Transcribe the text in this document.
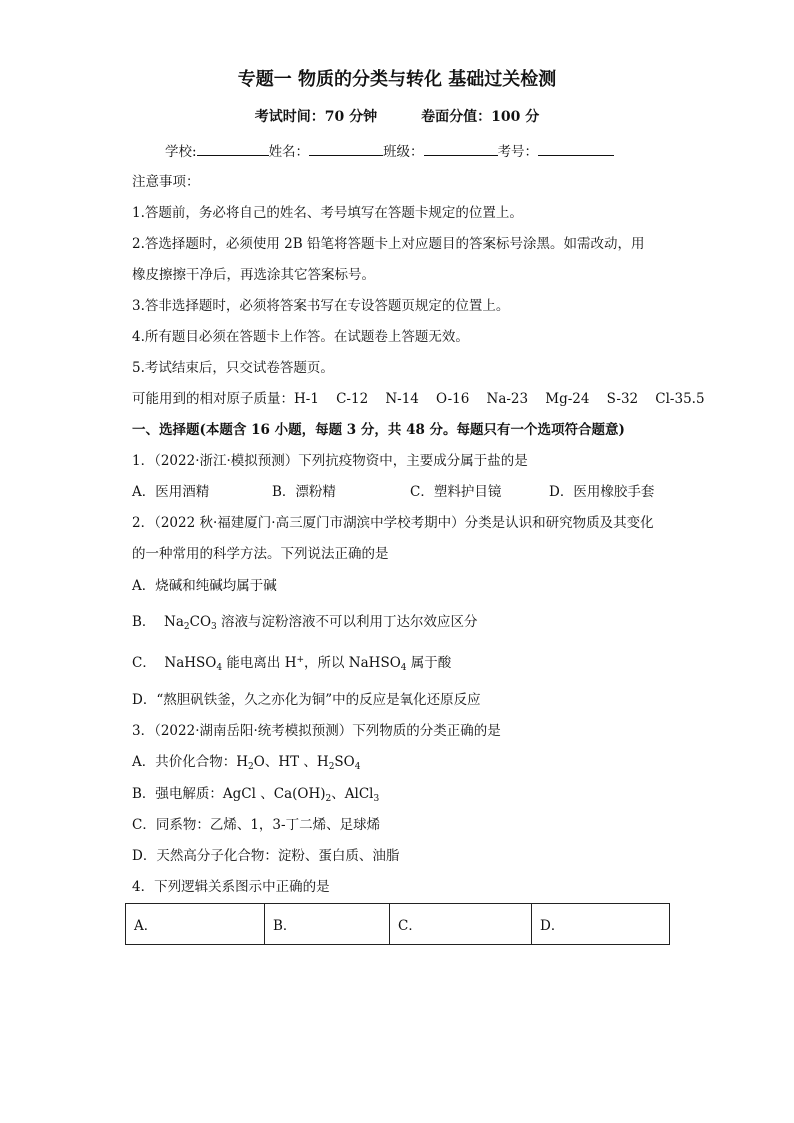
专题一 物质的分类与转化 基础过关检测
考试时间：70 分钟	卷面分值：100 分
学校:	姓名：	班级：	考号：
注意事项：
1.答题前，务必将自己的姓名、考号填写在答题卡规定的位置上。
2.答选择题时，必须使用 2B 铅笔将答题卡上对应题目的答案标号涂黑。如需改动，用
橡皮擦擦干净后，再选涂其它答案标号。
3.答非选择题时，必须将答案书写在专设答题页规定的位置上。
4.所有题目必须在答题卡上作答。在试题卷上答题无效。
5.考试结束后，只交试卷答题页。
可能用到的相对原子质量：H-1    C-12    N-14    O-16    Na-23    Mg-24    S-32    Cl-35.5
一、选择题(本题含 16 小题，每题 3 分，共 48 分。每题只有一个选项符合题意)
1．（2022·浙江·模拟预测）下列抗疫物资中，主要成分属于盐的是
A．医用酒精	B．漂粉精	C．塑料护目镜	D．医用橡胶手套
2．（2022 秋·福建厦门·高三厦门市湖滨中学校考期中）分类是认识和研究物质及其变化
的一种常用的科学方法。下列说法正确的是
A．烧碱和纯碱均属于碱
B．  $Na_2CO_3$ 溶液与淀粉溶液不可以利用丁达尔效应区分
C．  NaHSO$_4$ 能电离出 H+，所以 NaHSO$_4$ 属于酸
D．“熬胆矾铁釜，久之亦化为铜”中的反应是氧化还原反应
3．（2022·湖南岳阳·统考模拟预测）下列物质的分类正确的是
A．共价化合物：$H_2O$、HT 、$H_2SO_4$
B．强电解质：AgCl 、$Ca(OH)_2$、AlCl$_3$
C．同系物：乙烯、1，3-丁二烯、足球烯
D．天然高分子化合物：淀粉、蛋白质、油脂
4．下列逻辑关系图示中正确的是
A．	B．	C．	D．
